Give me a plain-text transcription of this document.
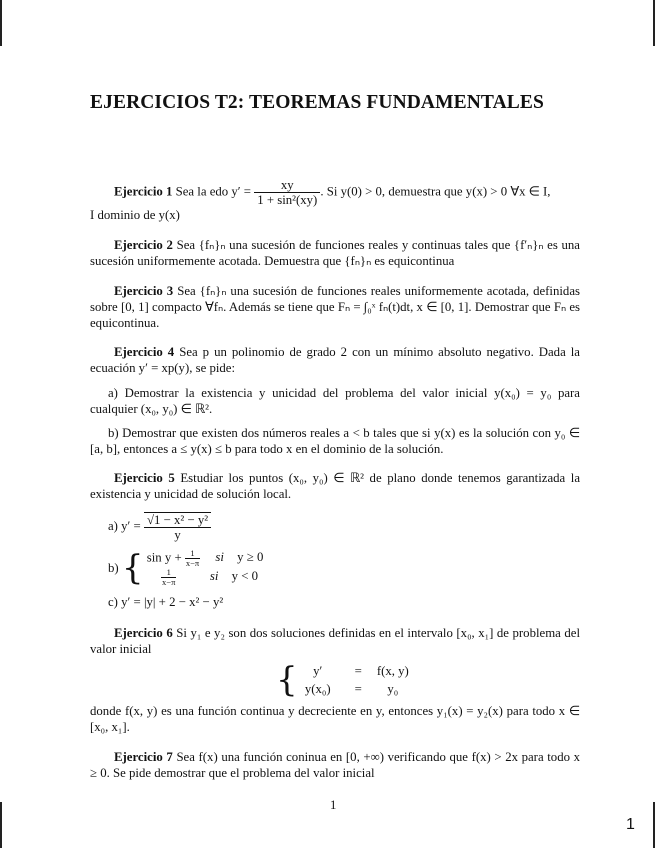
EJERCICIOS T2: TEOREMAS FUNDAMENTALES
Ejercicio 1 Sea la edo $y' = \frac{xy}{\text{1 + sin²(xy)}}$ . Si y(0) > 0, demuestra que y(x) > 0 ∀x ∈ I,
I dominio de y(x)
Ejercicio 2 Sea {fₙ}ₙ una sucesión de funciones reales y continuas tales que {f′ₙ}ₙ es una sucesión uniformemente acotada. Demuestra que {fₙ}ₙ es equicontinua
Ejercicio 3 Sea {fₙ}ₙ una sucesión de funciones reales uniformemente acotada, definidas sobre [0, 1] compacto ∀fₙ. Además se tiene que Fₙ = ∫₀ˣ fₙ(t)dt, x ∈ [0, 1]. Demostrar que Fₙ es equicontinua.
Ejercicio 4 Sea p un polinomio de grado 2 con un mínimo absoluto negativo. Dada la ecuación y′ = xp(y), se pide:
a) Demostrar la existencia y unicidad del problema del valor inicial y(x₀) = y₀ para cualquier (x₀, y₀) ∈ ℝ².
b) Demostrar que existen dos números reales a < b tales que si y(x) es la solución con y₀ ∈ [a, b], entonces a ≤ y(x) ≤ b para todo x en el dominio de la solución.
Ejercicio 5 Estudiar los puntos (x₀, y₀) ∈ ℝ² de plano donde tenemos garantizada la existencia y unicidad de solución local.
a) $y' = \frac{\text{√1 − x² − y²}}{y}$
b) { $\sin y + \frac{1}{x-\pi}$ si y ≥ 0
$\frac{1}{x-\pi}$	si y < 0
c) y′ = |y| + 2 − x² − y²
Ejercicio 6 Si y₁ e y₂ son dos soluciones definidas en el intervalo [x₀, x₁] de problema del valor inicial
{ y′	=	f(x, y)
y(x₀)	=	y₀
donde f(x, y) es una función continua y decreciente en y, entonces y₁(x) = y₂(x) para todo x ∈ [x₀, x₁].
Ejercicio 7 Sea f(x) una función coninua en [0, +∞) verificando que f(x) > 2x para todo x ≥ 0. Se pide demostrar que el problema del valor inicial
1
1
